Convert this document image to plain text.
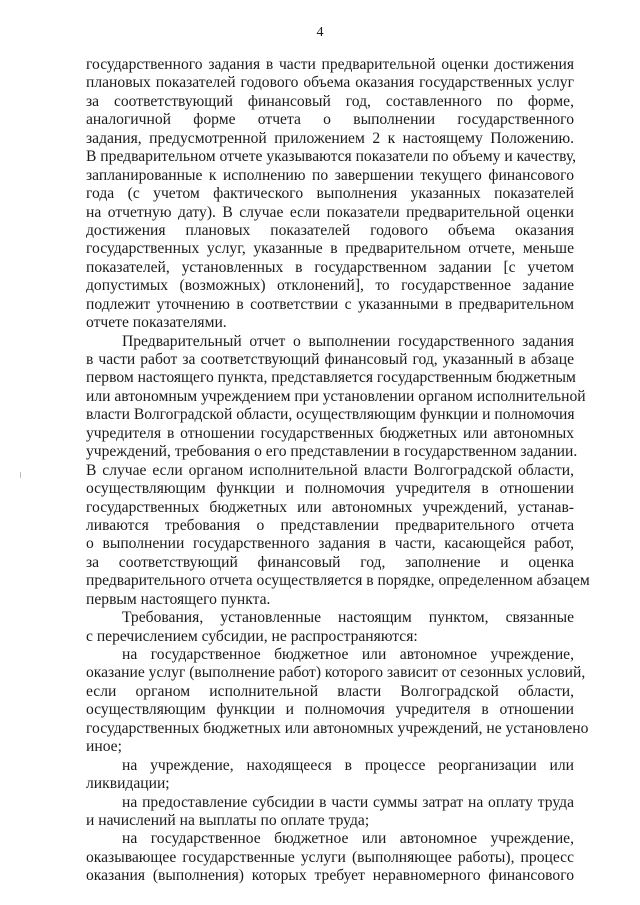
4
государственного задания в части предварительной оценки достижения
плановых показателей годового объема оказания государственных услуг
за соответствующий финансовый год, составленного по форме,
аналогичной форме отчета о выполнении государственного
задания, предусмотренной приложением 2 к настоящему Положению.
В предварительном отчете указываются показатели по объему и качеству,
запланированные к исполнению по завершении текущего финансового
года (с учетом фактического выполнения указанных показателей
на отчетную дату). В случае если показатели предварительной оценки
достижения плановых показателей годового объема оказания
государственных услуг, указанные в предварительном отчете, меньше
показателей, установленных в государственном задании [с учетом
допустимых (возможных) отклонений], то государственное задание
подлежит уточнению в соответствии с указанными в предварительном
отчете показателями.
Предварительный отчет о выполнении государственного задания
в части работ за соответствующий финансовый год, указанный в абзаце
первом настоящего пункта, представляется государственным бюджетным
или автономным учреждением при установлении органом исполнительной
власти Волгоградской области, осуществляющим функции и полномочия
учредителя в отношении государственных бюджетных или автономных
учреждений, требования о его представлении в государственном задании.
В случае если органом исполнительной власти Волгоградской области,
осуществляющим функции и полномочия учредителя в отношении
государственных бюджетных или автономных учреждений, устанав-
ливаются требования о представлении предварительного отчета
о выполнении государственного задания в части, касающейся работ,
за соответствующий финансовый год, заполнение и оценка
предварительного отчета осуществляется в порядке, определенном абзацем
первым настоящего пункта.
Требования, установленные настоящим пунктом, связанные
с перечислением субсидии, не распространяются:
на государственное бюджетное или автономное учреждение,
оказание услуг (выполнение работ) которого зависит от сезонных условий,
если органом исполнительной власти Волгоградской области,
осуществляющим функции и полномочия учредителя в отношении
государственных бюджетных или автономных учреждений, не установлено
иное;
на учреждение, находящееся в процессе реорганизации или
ликвидации;
на предоставление субсидии в части суммы затрат на оплату труда
и начислений на выплаты по оплате труда;
на государственное бюджетное или автономное учреждение,
оказывающее государственные услуги (выполняющее работы), процесс
оказания (выполнения) которых требует неравномерного финансового
